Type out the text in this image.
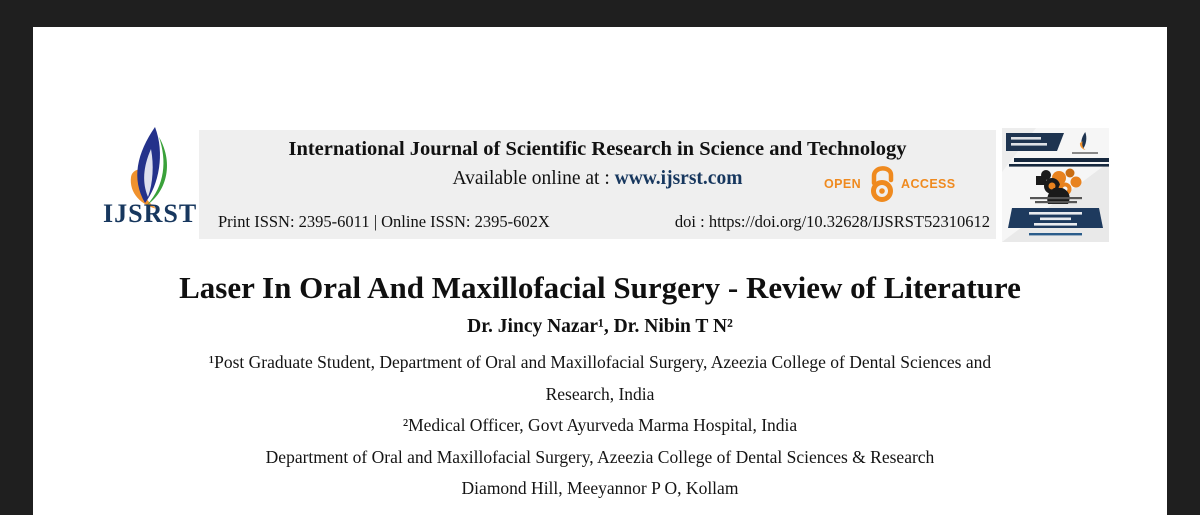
IJSRST
International Journal of Scientific Research in Science and Technology
Available online at : www.ijsrst.com	OPEN	ACCESS
Print ISSN: 2395-6011 | Online ISSN: 2395-602X	doi : https://doi.org/10.32628/IJSRST52310612
Laser In Oral And Maxillofacial Surgery - Review of Literature
Dr. Jincy Nazar¹, Dr. Nibin T N²
¹Post Graduate Student, Department of Oral and Maxillofacial Surgery, Azeezia College of Dental Sciences and
Research, India
²Medical Officer, Govt Ayurveda Marma Hospital, India
Department of Oral and Maxillofacial Surgery, Azeezia College of Dental Sciences & Research
Diamond Hill, Meeyannor P O, Kollam
